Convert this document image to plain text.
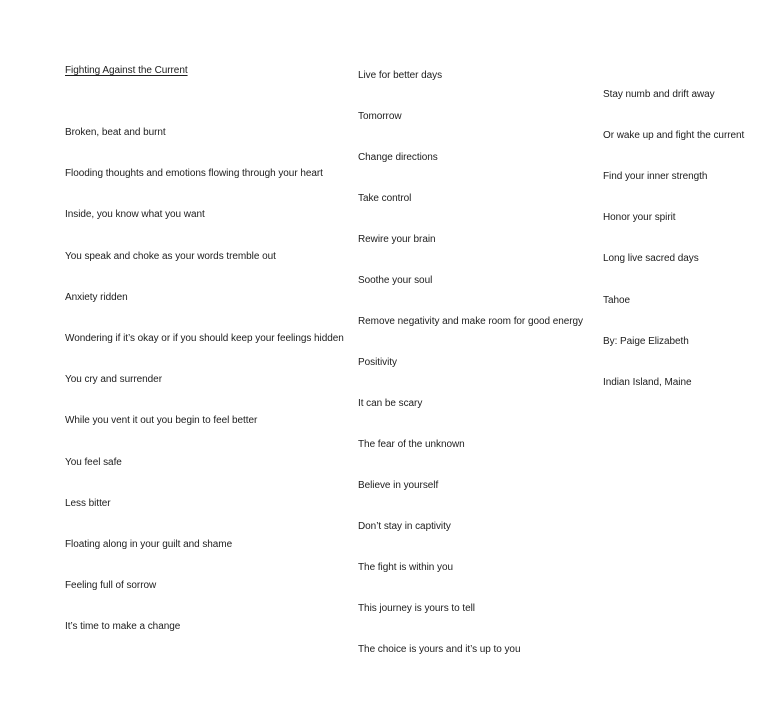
Fighting Against the Current
Broken, beat and burnt
Flooding thoughts and emotions flowing through your heart
Inside, you know what you want
You speak and choke as your words tremble out
Anxiety ridden
Wondering if it’s okay or if you should keep your feelings hidden
You cry and surrender
While you vent it out you begin to feel better
You feel safe
Less bitter
Floating along in your guilt and shame
Feeling full of sorrow
It’s time to make a change
Live for better days
Tomorrow
Change directions
Take control
Rewire your brain
Soothe your soul
Remove negativity and make room for good energy
Positivity
It can be scary
The fear of the unknown
Believe in yourself
Don’t stay in captivity
The fight is within you
This journey is yours to tell
The choice is yours and it’s up to you
Stay numb and drift away
Or wake up and fight the current
Find your inner strength
Honor your spirit
Long live sacred days
Tahoe
By: Paige Elizabeth
Indian Island, Maine
